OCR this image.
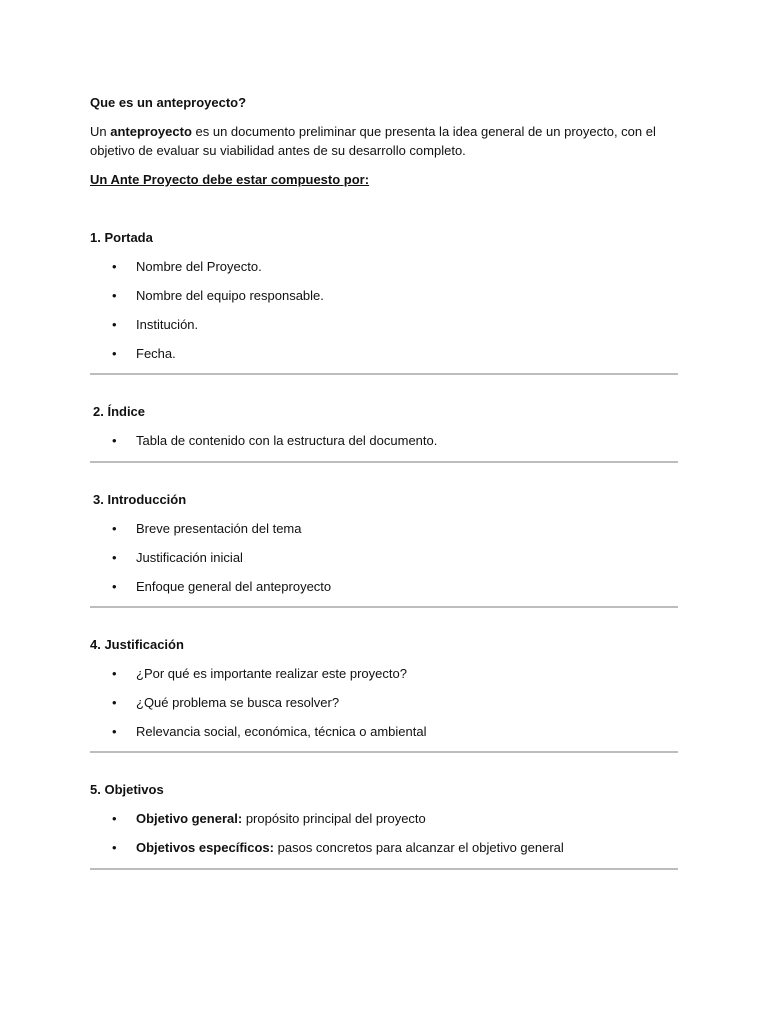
Que es un anteproyecto?
Un anteproyecto es un documento preliminar que presenta la idea general de un proyecto, con el
objetivo de evaluar su viabilidad antes de su desarrollo completo.
Un Ante Proyecto debe estar compuesto por:
1. Portada
• Nombre del Proyecto.
• Nombre del equipo responsable.
• Institución.
• Fecha.
2. Índice
• Tabla de contenido con la estructura del documento.
3. Introducción
• Breve presentación del tema
• Justificación inicial
• Enfoque general del anteproyecto
4. Justificación
• ¿Por qué es importante realizar este proyecto?
• ¿Qué problema se busca resolver?
• Relevancia social, económica, técnica o ambiental
5. Objetivos
• Objetivo general: propósito principal del proyecto
• Objetivos específicos: pasos concretos para alcanzar el objetivo general
